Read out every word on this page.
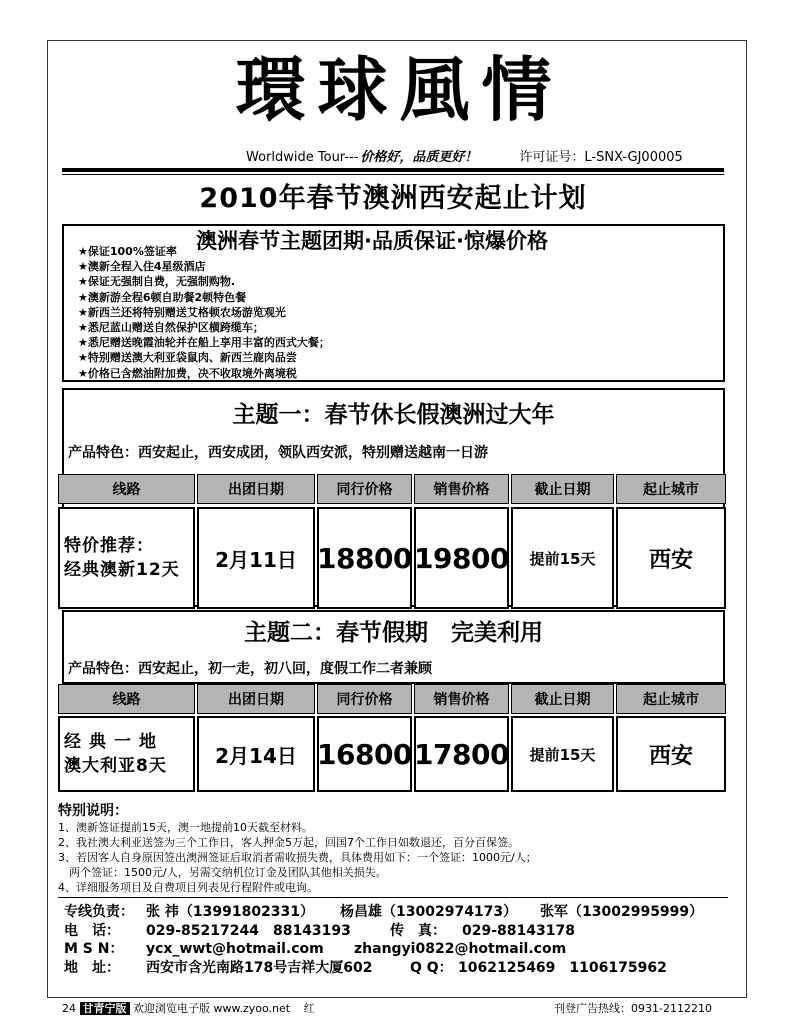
環球風情
Worldwide Tour--- 价格好，品质更好！	许可证号：L-SNX-GJ00005
2010年春节澳洲西安起止计划
澳洲春节主题团期·品质保证·惊爆价格
★保证100%签证率
★澳新全程入住4星级酒店
★保证无强制自费，无强制购物.
★澳新游全程6顿自助餐2顿特色餐
★新西兰还将特别赠送艾格顿农场游览观光
★悉尼蓝山赠送自然保护区横跨缆车；
★悉尼赠送晚霞油轮并在船上享用丰富的西式大餐；
★特别赠送澳大利亚袋鼠肉、新西兰鹿肉品尝
★价格已含燃油附加费，决不收取境外离境税
主题一：春节休长假澳洲过大年
产品特色：西安起止，西安成团，领队西安派，特别赠送越南一日游
线路	出团日期	同行价格	销售价格	截止日期	起止城市
特价推荐：
经典澳新12天	2月11日 18800 19800	提前15天	西安
主题二：春节假期　完美利用
产品特色：西安起止，初一走，初八回，度假工作二者兼顾
线路	出团日期	同行价格	销售价格	截止日期	起止城市
经典一地
澳大利亚8天	2月14日 16800 17800	提前15天	西安
特别说明：
1、澳新签证提前15天，澳一地提前10天截至材料。
2、我社澳大利亚送签为三个工作日，客人押金5万起，回国7个工作日如数退还，百分百保签。
3、若因客人自身原因签出澳洲签证后取消者需收损失费，具体费用如下：一个签证：1000元/人；
　两个签证：1500元/人，另需交纳机位订金及团队其他相关损失。
4、详细服务项目及自费项目列表见行程附件或电询。
专线负责： 张 祎（13991802331） 杨昌雄（13002974173） 张军（13002995999）
电　话： 029-85217244　88143193	传　真： 029-88143178
M S N： ycx_wwt@hotmail.com zhangyi0822@hotmail.com
地　址： 西安市含光南路178号吉祥大厦602	Q Q： 1062125469　1106175962
24 甘青宁版 欢迎浏览电子版 www.zyoo.net 红	刊登广告热线：0931-2112210
